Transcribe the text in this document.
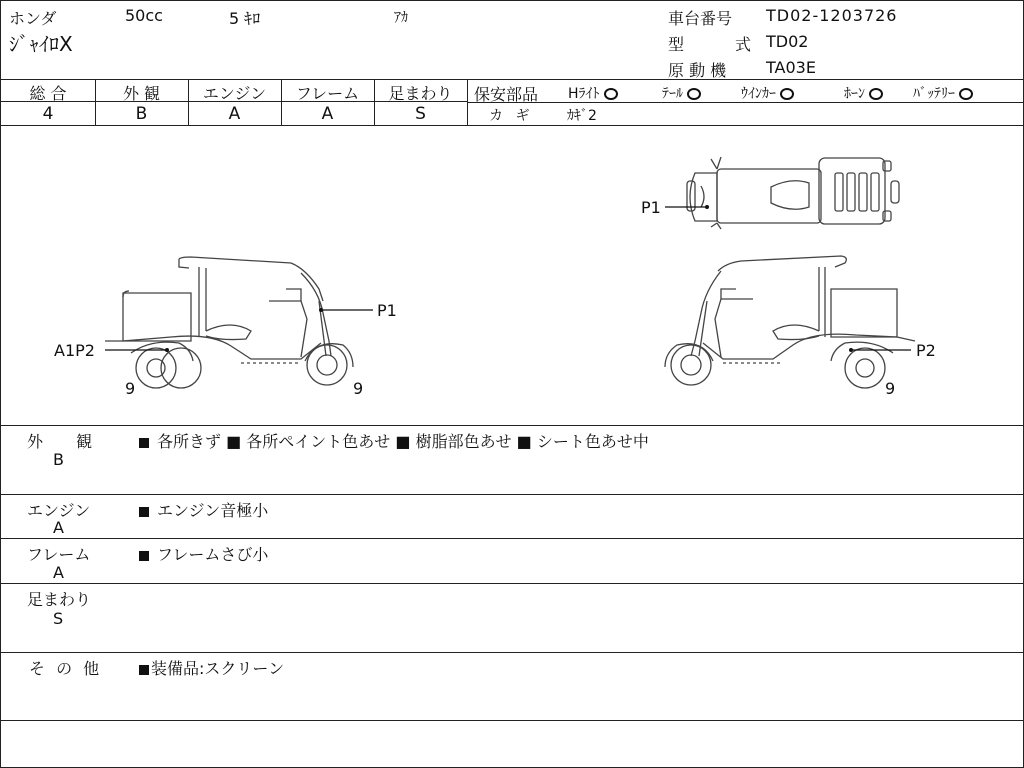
ホンダ	50cc	5 ｷﾛ	ｱｶ
ｼﾞｬｲﾛX
車台番号 TD02-1203726
型	式 TD02
原 動 機 TA03E
総 合	外 観	エンジン	フレーム	足まわり
4	B	A	A	S
保安部品 Hﾗｲﾄ	ﾃｰﾙ	ｳｲﾝｶｰ	ﾎｰﾝ	ﾊﾞｯﾃﾘｰ
カ ギ ｶｷﾞ2
P1
P1
A1P2	P2
9	9	9
外 観
B
各所きず ■ 各所ペイント色あせ ■ 樹脂部色あせ ■ シート色あせ中
エンジン
A
エンジン音極小
フレーム
A
フレームさび小
足まわり
S
そ の 他	装備品:スクリーン
